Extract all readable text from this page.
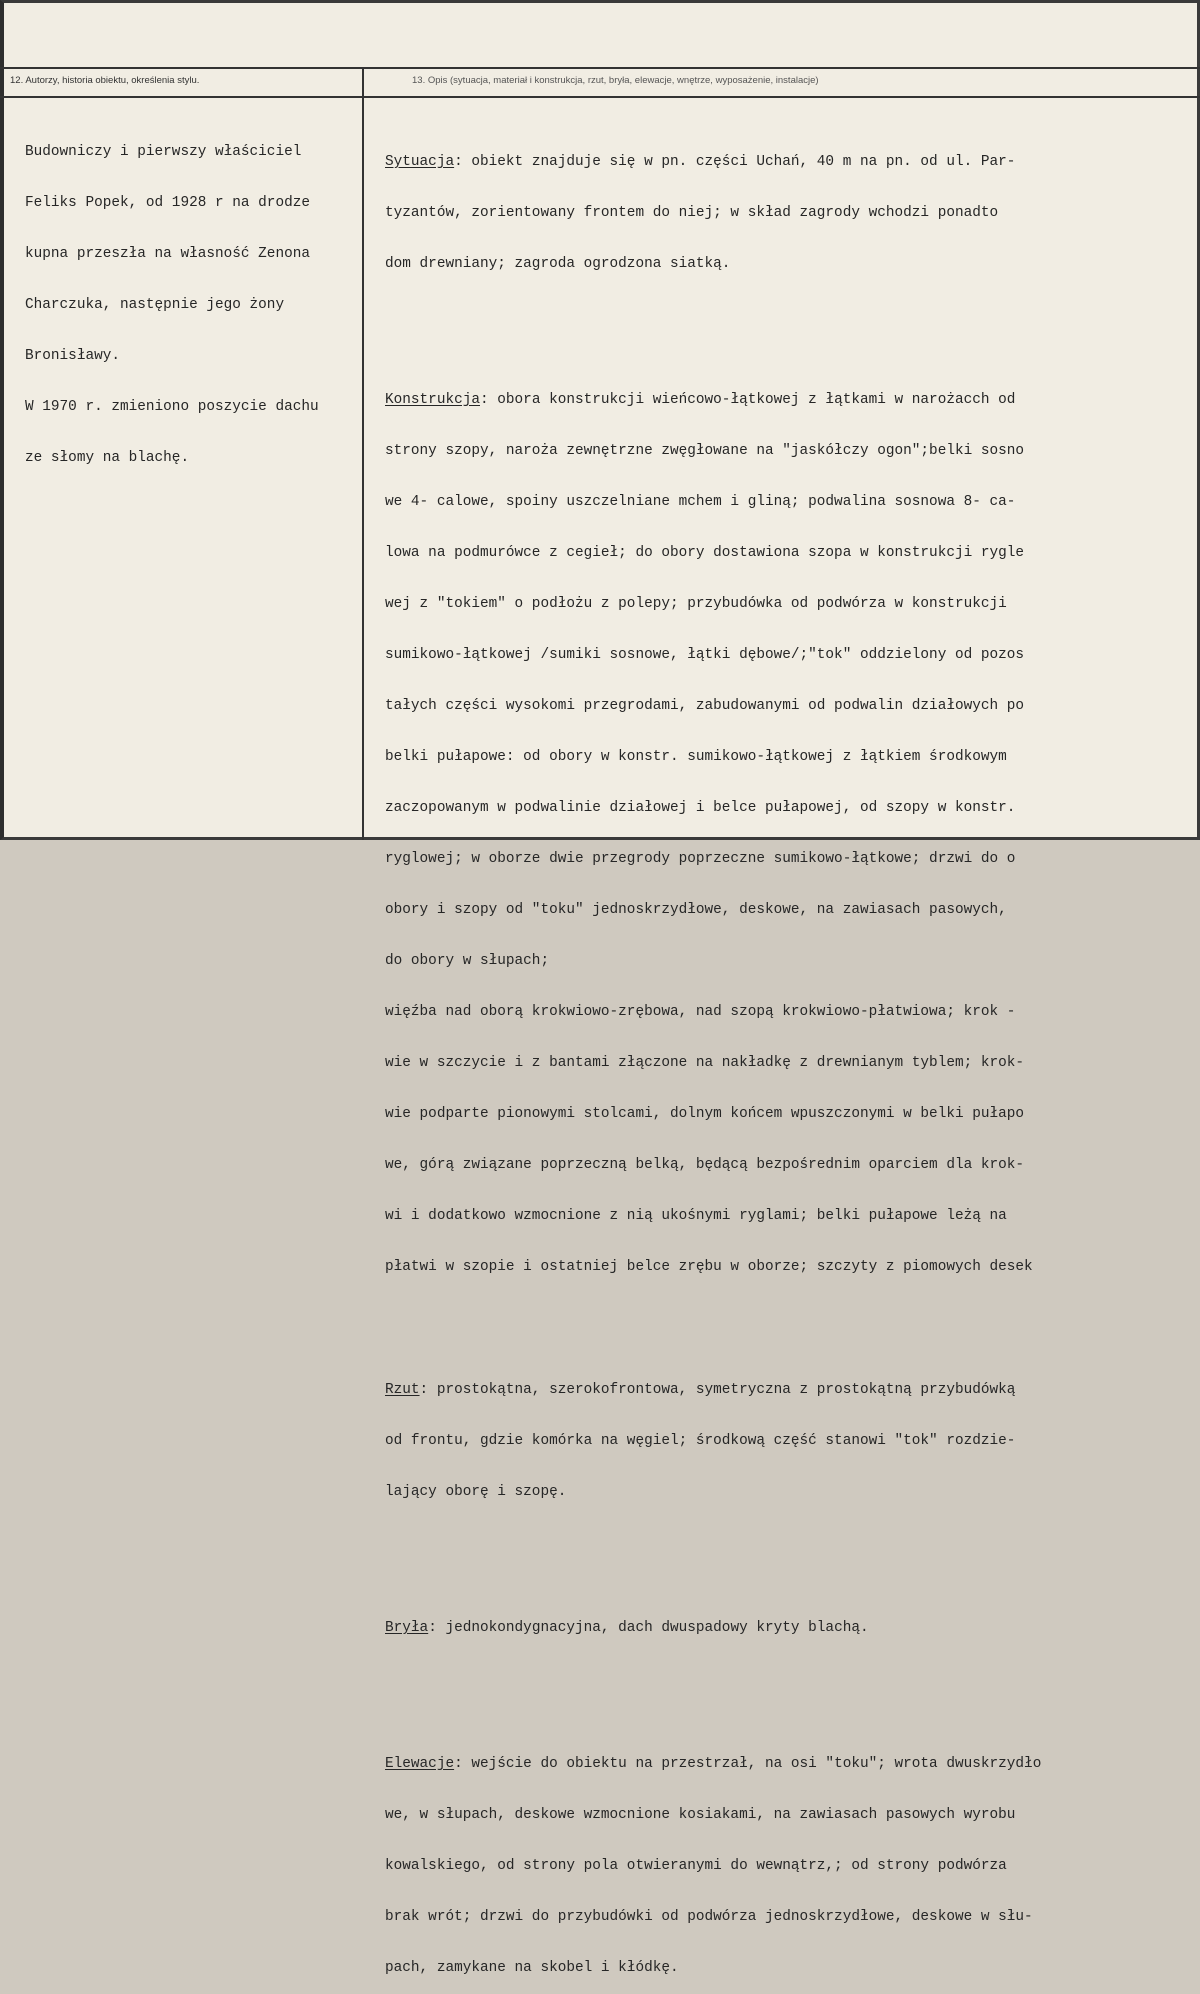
12. Autorzy, historia obiektu, określenia stylu.	13. Opis (sytuacja, materiał i konstrukcja, rzut, bryła, elewacje, wnętrze, wyposażenie, instalacje)

Budowniczy i pierwszy właściciel

Feliks Popek, od 1928 r na drodze

kupna przeszła na własność Zenona

Charczuka, następnie jego żony

Bronisławy.

W 1970 r. zmieniono poszycie dachu

ze słomy na blachę.

Sytuacja: obiekt znajduje się w pn. części Uchań, 40 m na pn. od ul. Par-

tyzantów, zorientowany frontem do niej; w skład zagrody wchodzi ponadto

dom drewniany; zagroda ogrodzona siatką.

Konstrukcja: obora konstrukcji wieńcowo-łątkowej z łątkami w narożacch od

strony szopy, naroża zewnętrzne zwęgłowane na "jaskółczy ogon";belki sosno

we 4- calowe, spoiny uszczelniane mchem i gliną; podwalina sosnowa 8- ca-

lowa na podmurówce z cegieł; do obory dostawiona szopa w konstrukcji rygle

wej z "tokiem" o podłożu z polepy; przybudówka od podwórza w konstrukcji

sumikowo-łątkowej /sumiki sosnowe, łątki dębowe/;"tok" oddzielony od pozos

tałych części wysokomi przegrodami, zabudowanymi od podwalin działowych po

belki pułapowe: od obory w konstr. sumikowo-łątkowej z łątkiem środkowym

zaczopowanym w podwalinie działowej i belce pułapowej, od szopy w konstr.

ryglowej; w oborze dwie przegrody poprzeczne sumikowo-łątkowe; drzwi do o

obory i szopy od "toku" jednoskrzydłowe, deskowe, na zawiasach pasowych,

do obory w słupach;

więźba nad oborą krokwiowo-zrębowa, nad szopą krokwiowo-płatwiowa; krok -

wie w szczycie i z bantami złączone na nakładkę z drewnianym tyblem; krok-

wie podparte pionowymi stolcami, dolnym końcem wpuszczonymi w belki pułapo

we, górą związane poprzeczną belką, będącą bezpośrednim oparciem dla krok-

wi i dodatkowo wzmocnione z nią ukośnymi ryglami; belki pułapowe leżą na

płatwi w szopie i ostatniej belce zrębu w oborze; szczyty z piomowych desek

Rzut: prostokątna, szerokofrontowa, symetryczna z prostokątną przybudówką

od frontu, gdzie komórka na węgiel; środkową część stanowi "tok" rozdzie-

lający oborę i szopę.

Bryła: jednokondygnacyjna, dach dwuspadowy kryty blachą.

Elewacje: wejście do obiektu na przestrzał, na osi "toku"; wrota dwuskrzydło

we, w słupach, deskowe wzmocnione kosiakami, na zawiasach pasowych wyrobu

kowalskiego, od strony pola otwieranymi do wewnątrz,; od strony podwórza

brak wrót; drzwi do przybudówki od podwórza jednoskrzydłowe, deskowe w słu-

pach, zamykane na skobel i kłódkę.
